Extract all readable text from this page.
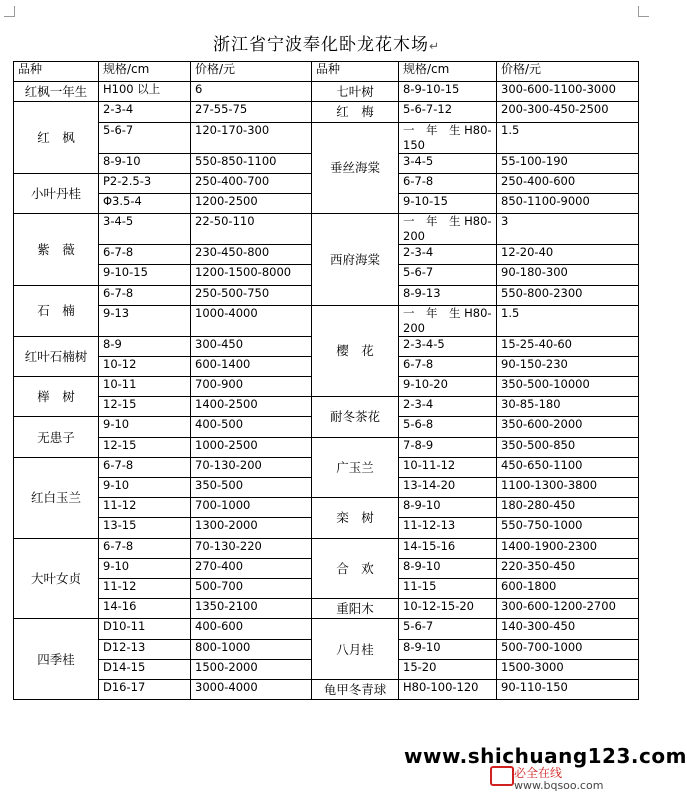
浙江省宁波奉化卧龙花木场↵
品种	规格/cm	价格/元	品种	规格/cm	价格/元
红枫一年生	H100 以上	6	七叶树	8-9-10-15	300-600-1100-3000
红　枫	2-3-4	27-55-75	红　梅	5-6-7-12	200-300-450-2500
	5-6-7	120-170-300	垂丝海棠	一　年　生 H80-150	1.5
	8-9-10	550-850-1100		3-4-5	55-100-190
小叶丹桂	P2-2.5-3	250-400-700		6-7-8	250-400-600
	Φ3.5-4	1200-2500		9-10-15	850-1100-9000
紫　薇	3-4-5	22-50-110	西府海棠	一　年　生 H80-200	3
	6-7-8	230-450-800		2-3-4	12-20-40
	9-10-15	1200-1500-8000		5-6-7	90-180-300
石　楠	6-7-8	250-500-750		8-9-13	550-800-2300
	9-13	1000-4000	樱　花	一　年　生 H80-200	1.5
红叶石楠树	8-9	300-450		2-3-4-5	15-25-40-60
	10-12	600-1400		6-7-8	90-150-230
榉　树	10-11	700-900		9-10-20	350-500-10000
	12-15	1400-2500	耐冬茶花	2-3-4	30-85-180
无患子	9-10	400-500		5-6-8	350-600-2000
	12-15	1000-2500	广玉兰	7-8-9	350-500-850
红白玉兰	6-7-8	70-130-200		10-11-12	450-650-1100
	9-10	350-500		13-14-20	1100-1300-3800
	11-12	700-1000	栾　树	8-9-10	180-280-450
	13-15	1300-2000		11-12-13	550-750-1000
大叶女贞	6-7-8	70-130-220	合　欢	14-15-16	1400-1900-2300
	9-10	270-400		8-9-10	220-350-450
	11-12	500-700		11-15	600-1800
	14-16	1350-2100	重阳木	10-12-15-20	300-600-1200-2700
四季桂	D10-11	400-600	八月桂	5-6-7	140-300-450
	D12-13	800-1000		8-9-10	500-700-1000
	D14-15	1500-2000		15-20	1500-3000
	D16-17	3000-4000	龟甲冬青球	H80-100-120	90-110-150
www.shichuang123.com
必全在线
www.bqsoo.com
